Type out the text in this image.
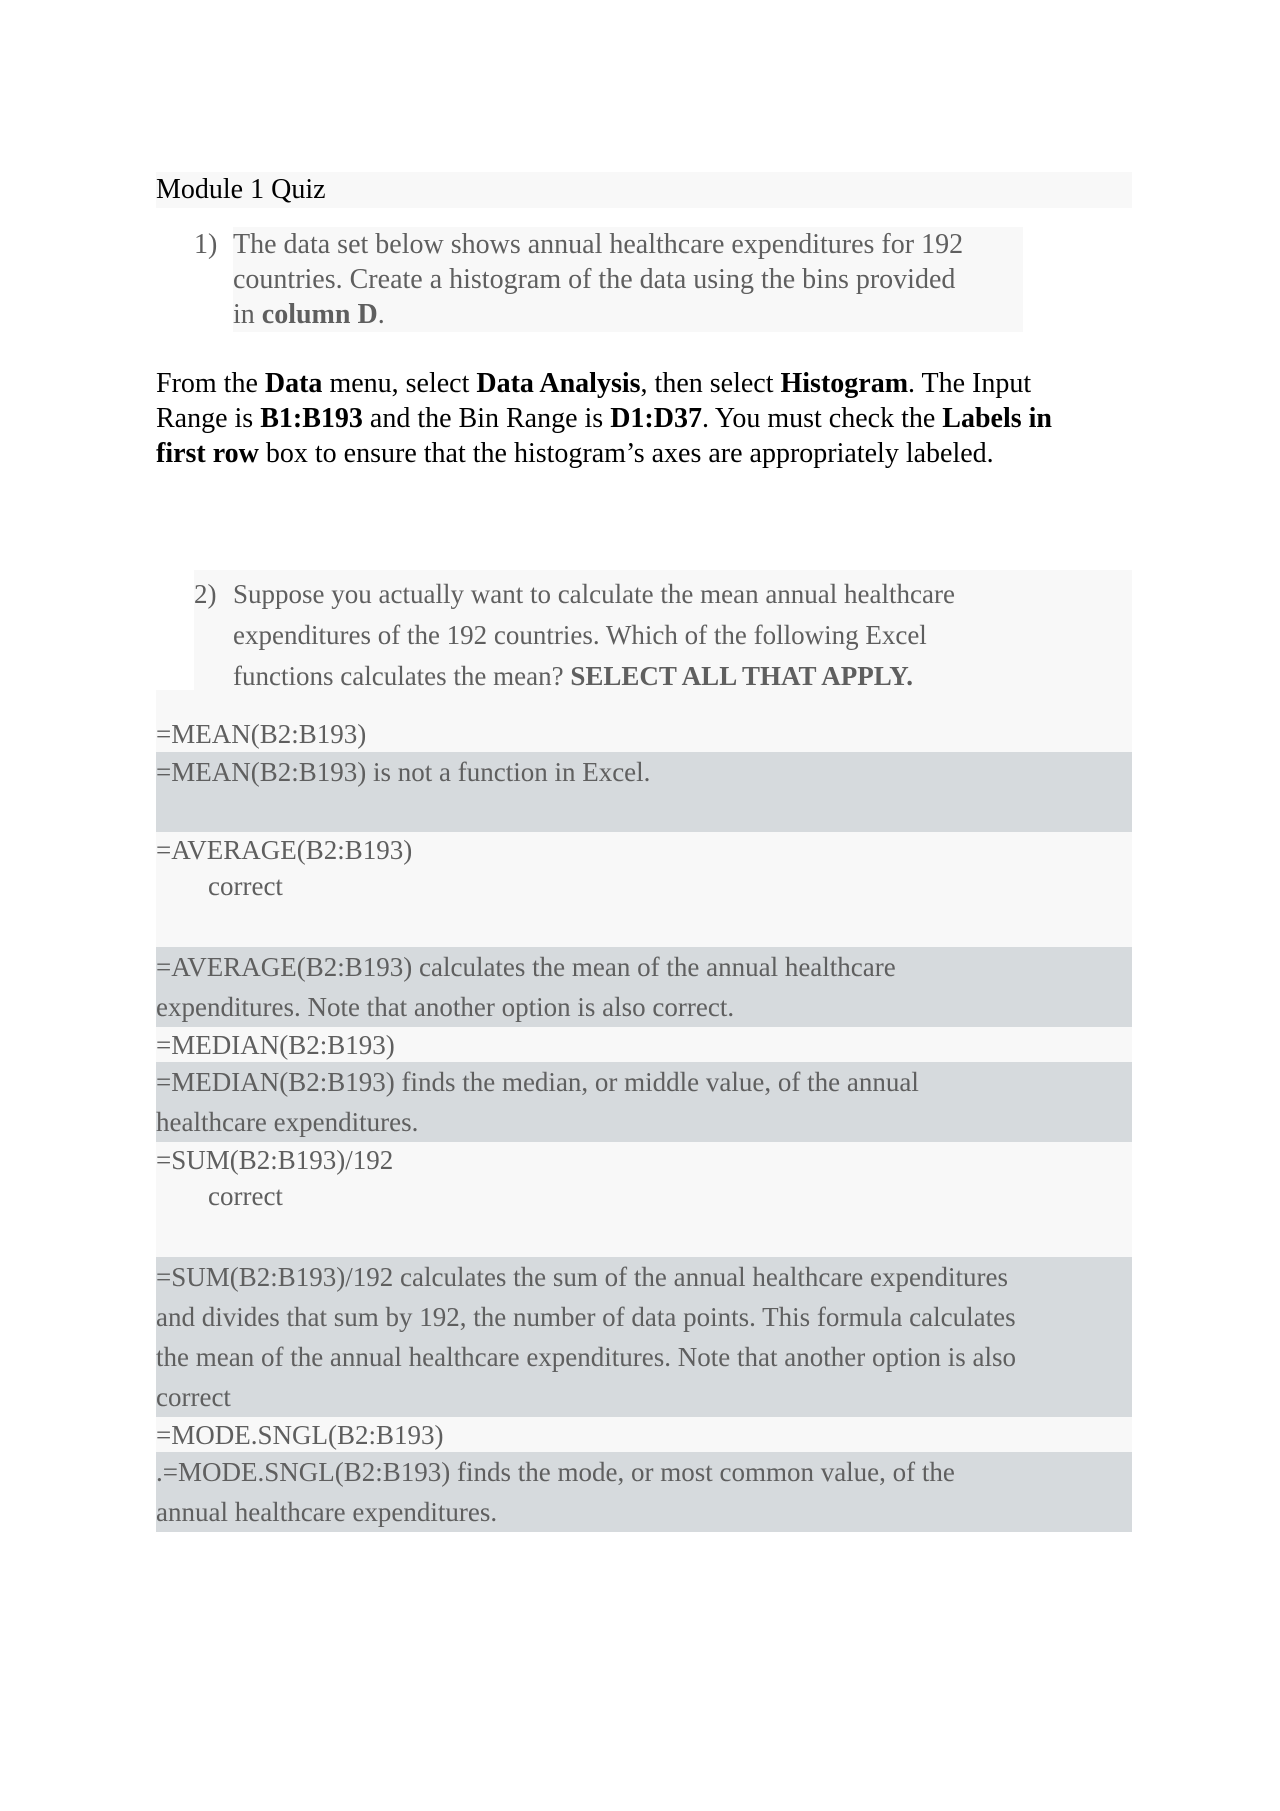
Module 1 Quiz
1) The data set below shows annual healthcare expenditures for 192
countries. Create a histogram of the data using the bins provided
in column D.
From the Data menu, select Data Analysis, then select Histogram. The Input
Range is B1:B193 and the Bin Range is D1:D37. You must check the Labels in
first row box to ensure that the histogram’s axes are appropriately labeled.
2) Suppose you actually want to calculate the mean annual healthcare
expenditures of the 192 countries. Which of the following Excel
functions calculates the mean? SELECT ALL THAT APPLY.
=MEAN(B2:B193)
=MEAN(B2:B193) is not a function in Excel.
=AVERAGE(B2:B193)
correct
=AVERAGE(B2:B193) calculates the mean of the annual healthcare
expenditures. Note that another option is also correct.
=MEDIAN(B2:B193)
=MEDIAN(B2:B193) finds the median, or middle value, of the annual
healthcare expenditures.
=SUM(B2:B193)/192
correct
=SUM(B2:B193)/192 calculates the sum of the annual healthcare expenditures
and divides that sum by 192, the number of data points. This formula calculates
the mean of the annual healthcare expenditures. Note that another option is also
correct
=MODE.SNGL(B2:B193)
.=MODE.SNGL(B2:B193) finds the mode, or most common value, of the
annual healthcare expenditures.
